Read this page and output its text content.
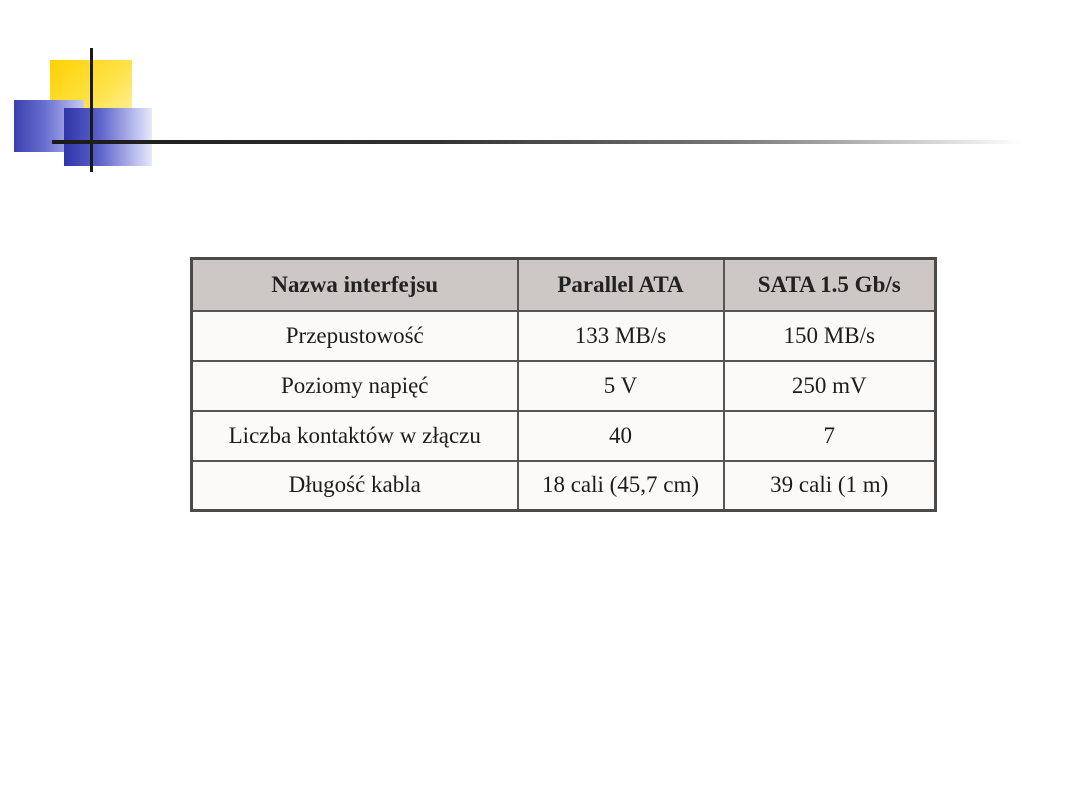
Nazwa interfejsu	Parallel ATA	SATA 1.5 Gb/s
Przepustowość	133 MB/s	150 MB/s
Poziomy napięć	5 V	250 mV
Liczba kontaktów w złączu	40	7
Długość kabla	18 cali (45,7 cm)	39 cali (1 m)
